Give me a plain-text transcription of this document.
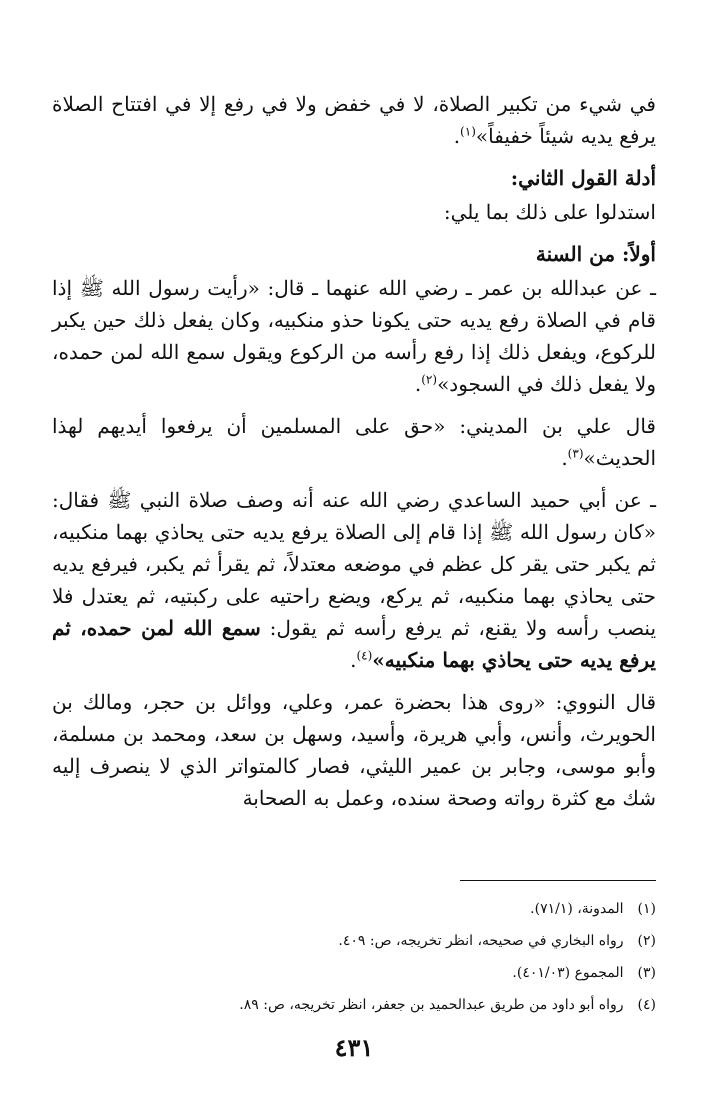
في شيء من تكبير الصلاة، لا في خفض ولا في رفع إلا في افتتاح الصلاة يرفع يديه شيئاً خفيفاً»$^{(١)}$.

أدلة القول الثاني:

استدلوا على ذلك بما يلي:

أولاً: من السنة

ـ عن عبدالله بن عمر ـ رضي الله عنهما ـ قال: «رأيت رسول الله ﷺ إذا قام في الصلاة رفع يديه حتى يكونا حذو منكبيه، وكان يفعل ذلك حين يكبر للركوع، ويفعل ذلك إذا رفع رأسه من الركوع ويقول سمع الله لمن حمده، ولا يفعل ذلك في السجود»$^{(٢)}$.

قال علي بن المديني: «حق على المسلمين أن يرفعوا أيديهم لهذا الحديث»$^{(٣)}$.

ـ عن أبي حميد الساعدي رضي الله عنه أنه وصف صلاة النبي ﷺ فقال: «كان رسول الله ﷺ إذا قام إلى الصلاة يرفع يديه حتى يحاذي بهما منكبيه، ثم يكبر حتى يقر كل عظم في موضعه معتدلاً، ثم يقرأ ثم يكبر، فيرفع يديه حتى يحاذي بهما منكبيه، ثم يركع، ويضع راحتيه على ركبتيه، ثم يعتدل فلا ينصب رأسه ولا يقنع، ثم يرفع رأسه ثم يقول: سمع الله لمن حمده، ثم يرفع يديه حتى يحاذي بهما منكبيه»$^{(٤)}$.

قال النووي: «روى هذا بحضرة عمر، وعلي، ووائل بن حجر، ومالك بن الحويرث، وأنس، وأبي هريرة، وأسيد، وسهل بن سعد، ومحمد بن مسلمة، وأبو موسى، وجابر بن عمير الليثي، فصار كالمتواتر الذي لا ينصرف إليه شك مع كثرة رواته وصحة سنده، وعمل به الصحابة

(١) المدونة، (٧١/١).
(٢) رواه البخاري في صحيحه، انظر تخريجه، ص: ٤٠٩.
(٣) المجموع (٤٠١/٠٣).
(٤) رواه أبو داود من طريق عبدالحميد بن جعفر، انظر تخريجه، ص: ٨٩.
٤٣١
